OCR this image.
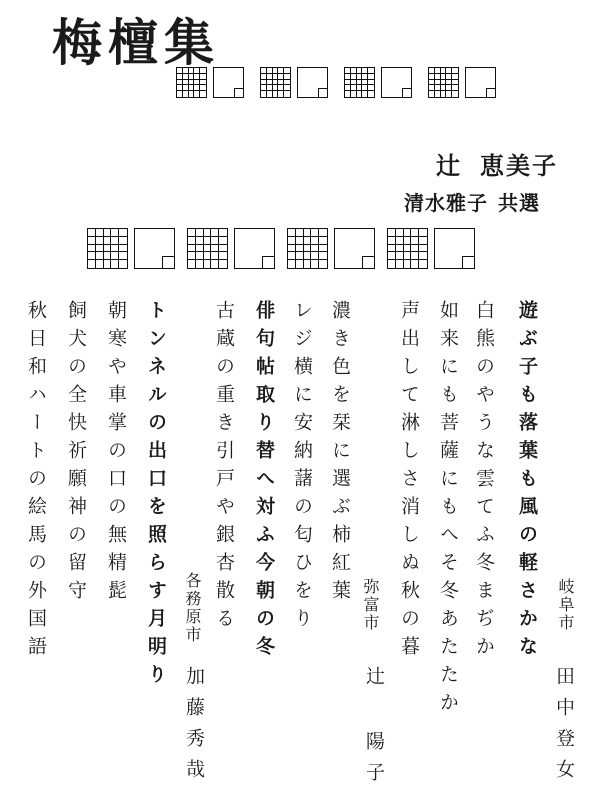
梅檀集

辻 恵美子

清水雅子 共選

遊ぶ子も落葉も風の軽さかな
白熊のやうな雲てふ冬まぢか
如来にも菩薩にもへそ冬あたたか
声出して淋しさ消しぬ秋の暮
濃き色を栞に選ぶ柿紅葉
レジ横に安納藷の匂ひをり
俳句帖取り替へ対ふ今朝の冬
古蔵の重き引戸や銀杏散る
トンネルの出口を照らす月明り
朝寒や車掌の口の無精髭
飼犬の全快祈願神の留守
秋日和ハートの絵馬の外国語	岐阜市
弥富市
各務原市
田中登女
辻 陽子
加藤秀哉
